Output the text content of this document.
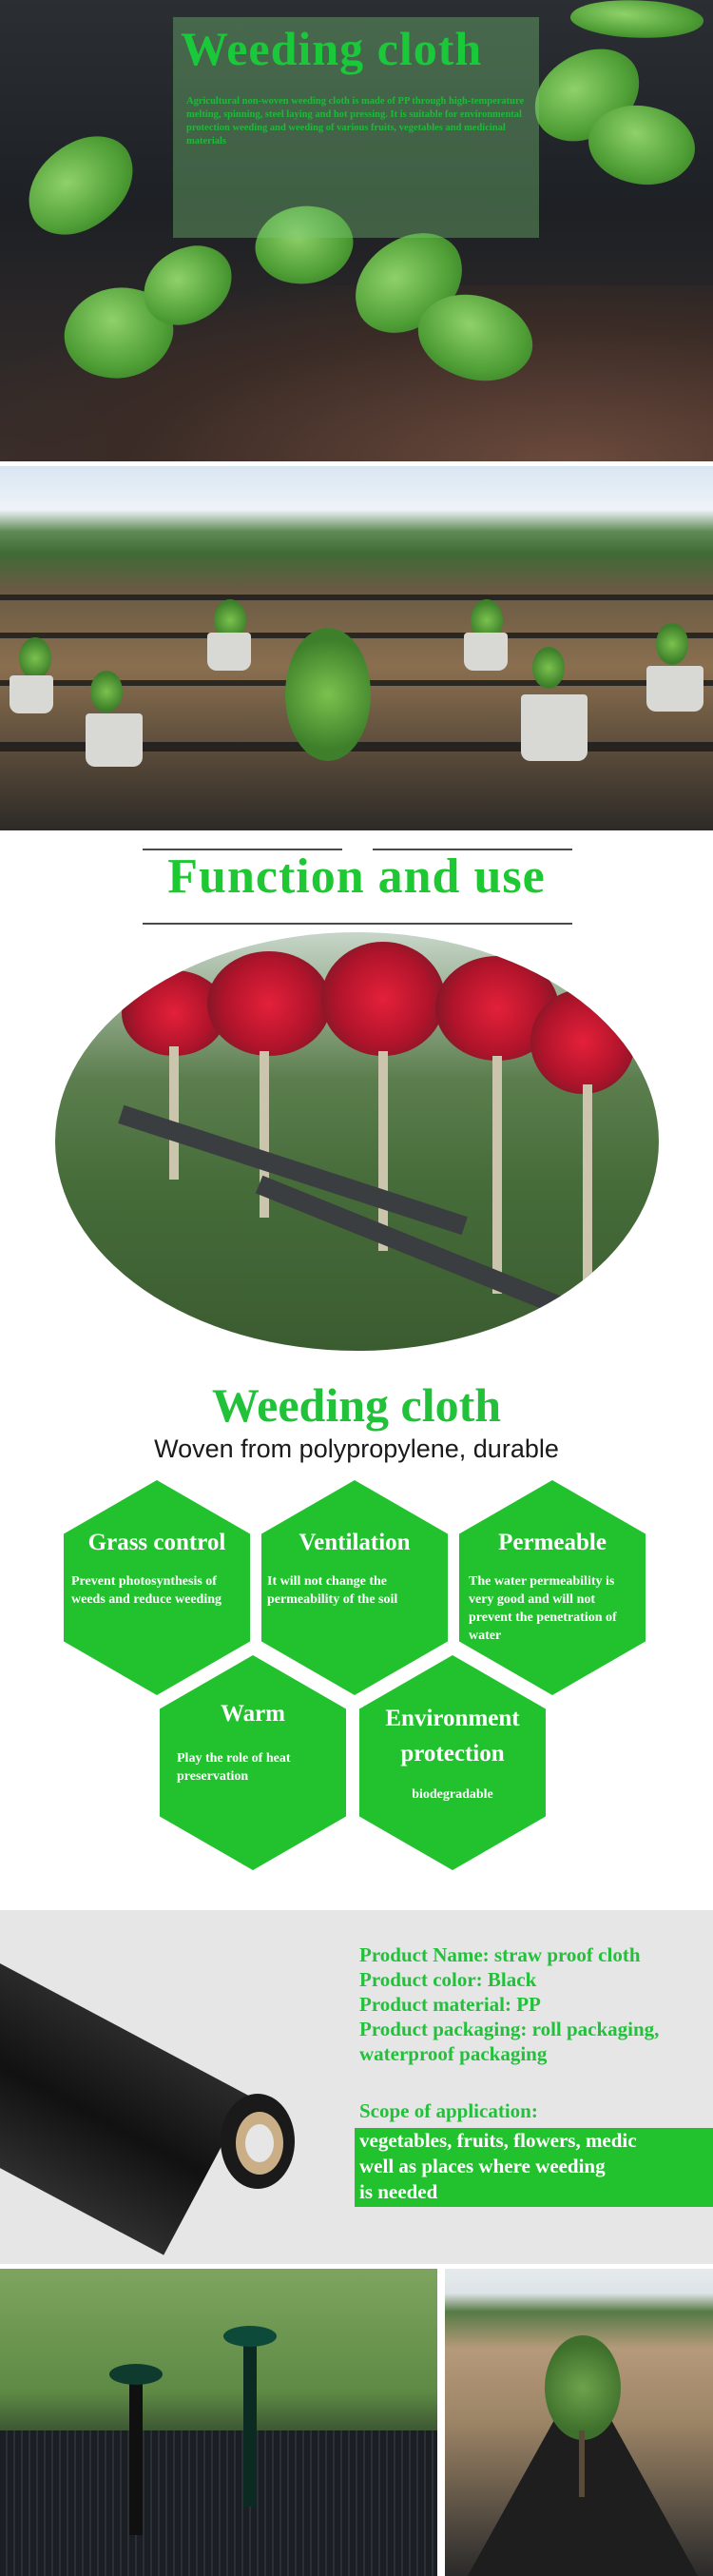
Weeding cloth
Agricultural non-woven weeding cloth is made of PP through high-temperature melting, spinning, steel laying and hot pressing. It is suitable for environmental protection weeding and weeding of various fruits, vegetables and medicinal materials
Function and use
Weeding cloth
Woven from polypropylene, durable
Grass control
Prevent photosynthesis of weeds and reduce weeding
Ventilation
It will not change the permeability of the soil
Permeable
The water permeability is very good and will not prevent the penetration of water
Warm
Play the role of heat preservation
Environment protection
biodegradable
Product Name: straw proof cloth
Product color: Black
Product material: PP
Product packaging: roll packaging, waterproof packaging
Scope of application:
vegetables, fruits, flowers, medic
well as places where weeding
is needed
